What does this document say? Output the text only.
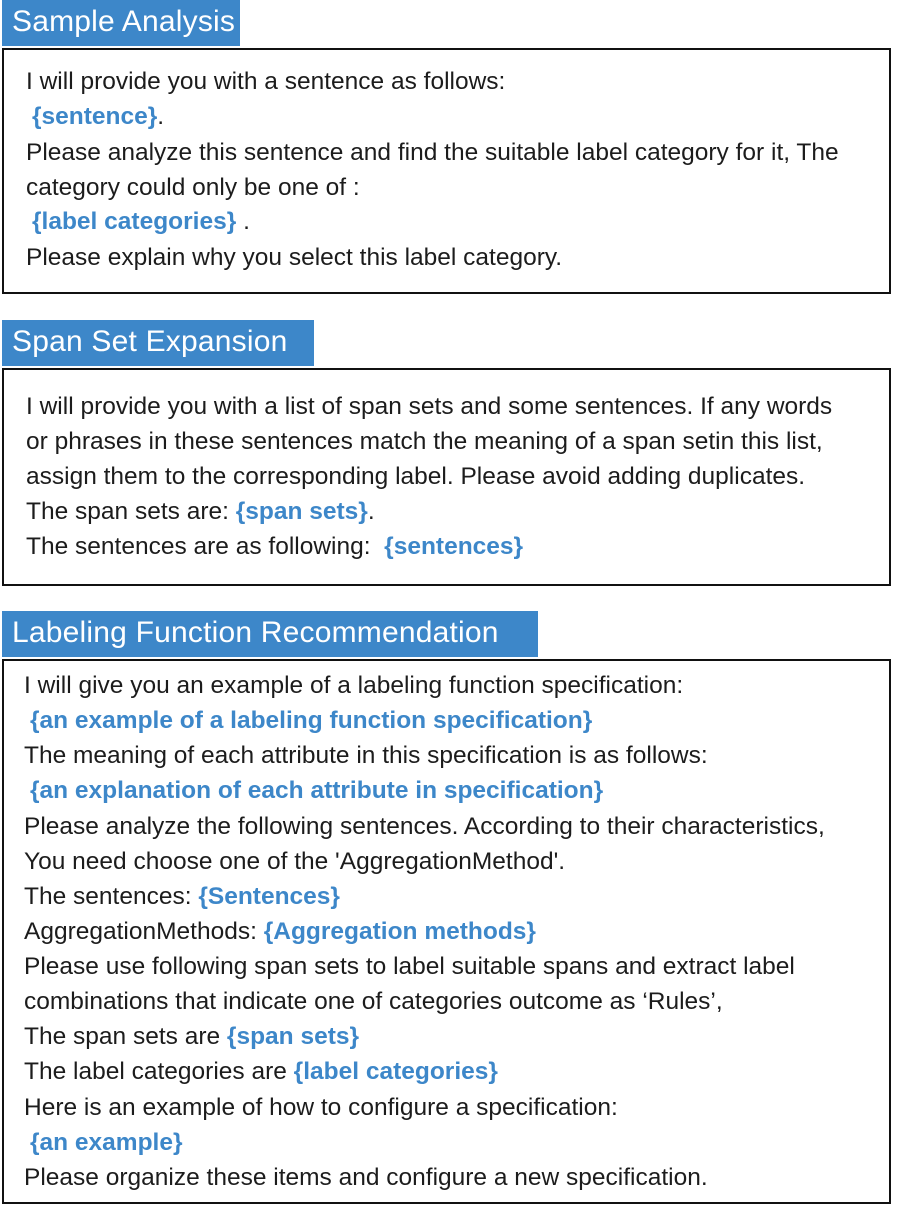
Sample Analysis
I will provide you with a sentence as follows:
{sentence}.
Please analyze this sentence and find the suitable label category for it, The
category could only be one of :
{label categories} .
Please explain why you select this label category.
Span Set Expansion
I will provide you with a list of span sets and some sentences. If any words
or phrases in these sentences match the meaning of a span setin this list,
assign them to the corresponding label. Please avoid adding duplicates.
The span sets are: {span sets}.
The sentences are as following:  {sentences}
Labeling Function Recommendation
I will give you an example of a labeling function specification:
{an example of a labeling function specification}
The meaning of each attribute in this specification is as follows:
{an explanation of each attribute in specification}
Please analyze the following sentences. According to their characteristics,
You need choose one of the 'AggregationMethod'.
The sentences: {Sentences}
AggregationMethods: {Aggregation methods}
Please use following span sets to label suitable spans and extract label
combinations that indicate one of categories outcome as ‘Rules’,
The span sets are {span sets}
The label categories are {label categories}
Here is an example of how to configure a specification:
{an example}
Please organize these items and configure a new specification.
